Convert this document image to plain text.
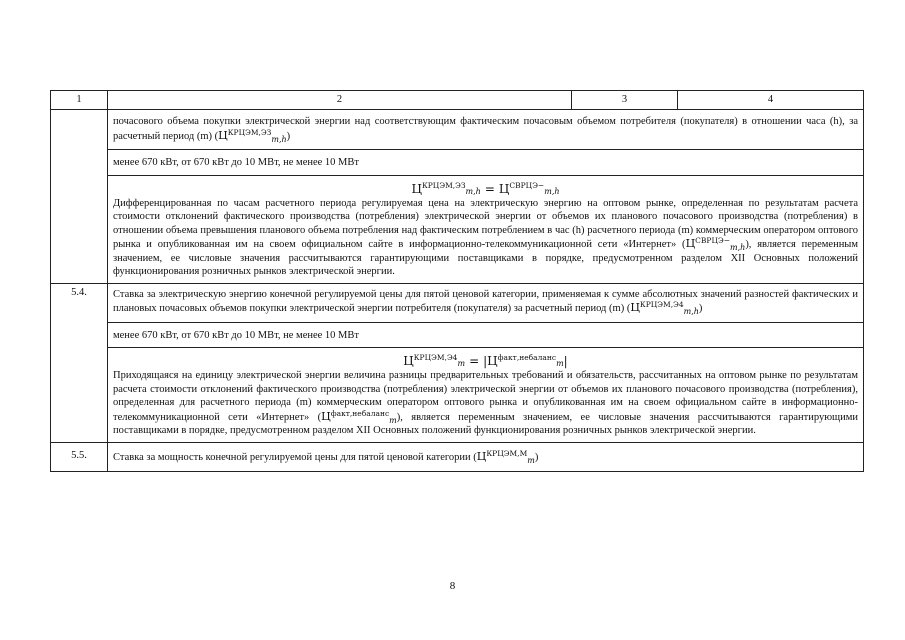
1	2	3	4
	почасового объема покупки электрической энергии над соответствующим фактическим почасовым объемом потребителя (покупателя) в отношении часа (h), за расчетный период (m) $(Ц^{КРЦЭМ,ЭЗ}_{m,h})$		
	менее 670 кВт, от 670 кВт до 10 МВт, не менее 10 МВт		

	$Ц^{КРЦЭМ,ЭЗ}_{m,h} = Ц^{СВРЦЭ-}_{m,h}$
Дифференцированная по часам расчетного периода регулируемая цена на электрическую энергию на оптовом рынке, определенная по результатам расчета стоимости отклонений фактического производства (потребления) электрической энергии от объемов их планового почасового производства (потребления) в отношении объема превышения планового объема потребления над фактическим потреблением в час (h) расчетного периода (m) коммерческим оператором оптового рынка и опубликованная им на своем официальном сайте в информационно-телекоммуникационной сети «Интернет» $(Ц^{СВРЦЭ-}_{m,h})$, является переменным значением, ее числовые значения рассчитываются гарантирующими поставщиками в порядке, предусмотренном разделом XII Основных положений функционирования розничных рынков электрической энергии.		
5.4.	Ставка за электрическую энергию конечной регулируемой цены для пятой ценовой категории, применяемая к сумме абсолютных значений разностей фактических и плановых почасовых объемов покупки электрической энергии потребителя (покупателя) за расчетный период (m) $(Ц^{КРЦЭМ,Э4}_{m,h})$		
	менее 670 кВт, от 670 кВт до 10 МВт, не менее 10 МВт		

	$Ц^{КРЦЭМ,Э4}_m = |Ц^{факт,небаланс}_m|$
Приходящаяся на единицу электрической энергии величина разницы предварительных требований и обязательств, рассчитанных на оптовом рынке по результатам расчета стоимости отклонений фактического производства (потребления) электрической энергии от объемов их планового почасового производства (потребления), определенная для расчетного периода (m) коммерческим оператором оптового рынка и опубликованная им на своем официальном сайте в информационно-телекоммуникационной сети «Интернет» $(Ц^{факт,небаланс}_m)$, является переменным значением, ее числовые значения рассчитываются гарантирующими поставщиками в порядке, предусмотренном разделом XII Основных положений функционирования розничных рынков электрической энергии.		
5.5.	Ставка за мощность конечной регулируемой цены для пятой ценовой категории $(Ц^{КРЦЭМ,М}_m)$		
8
